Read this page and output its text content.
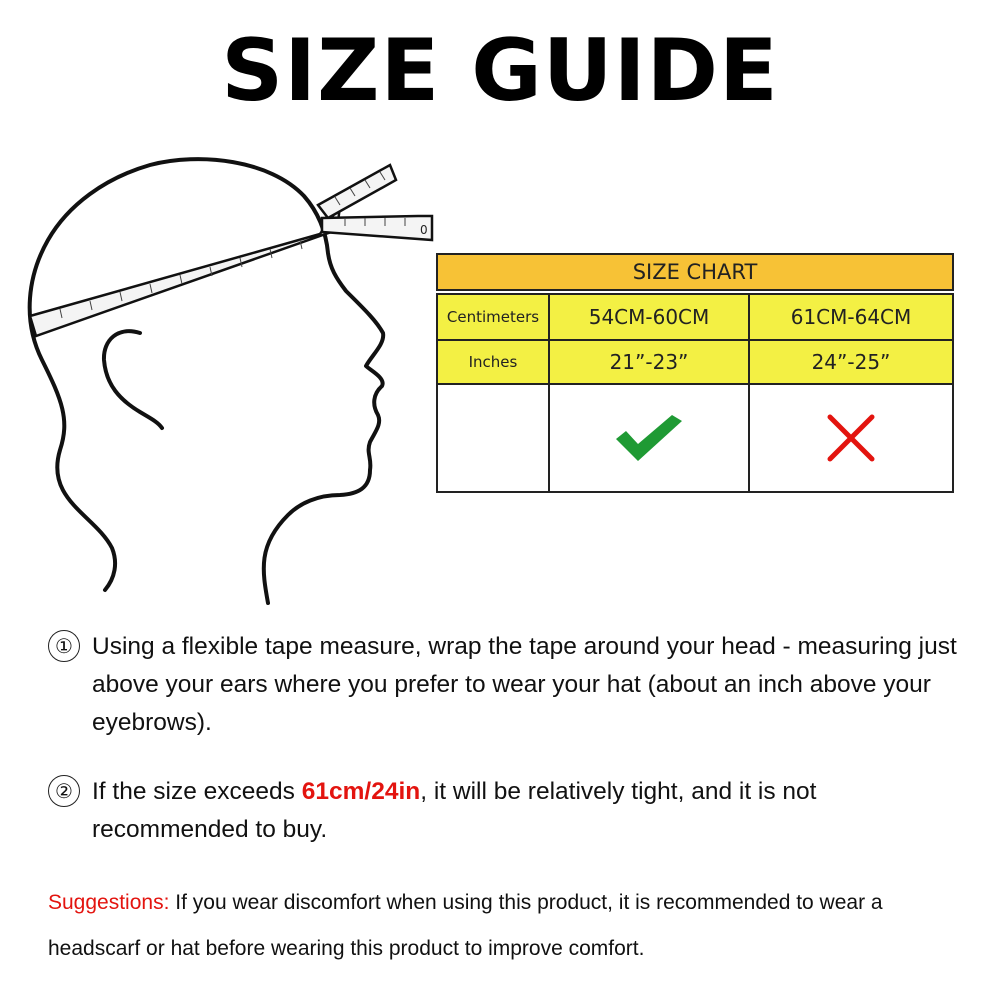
SIZE GUIDE
0
SIZE CHART
Centimeters	54CM-60CM	61CM-64CM
Inches	21”-23”	24”-25”
① Using a flexible tape measure, wrap the tape around your head - measuring just above your ears where you prefer to wear your hat (about an inch above your eyebrows).
② If the size exceeds 61cm/24in, it will be relatively tight, and it is not recommended to buy.
Suggestions: If you wear discomfort when using this product, it is recommended to wear a headscarf or hat before wearing this product to improve comfort.
